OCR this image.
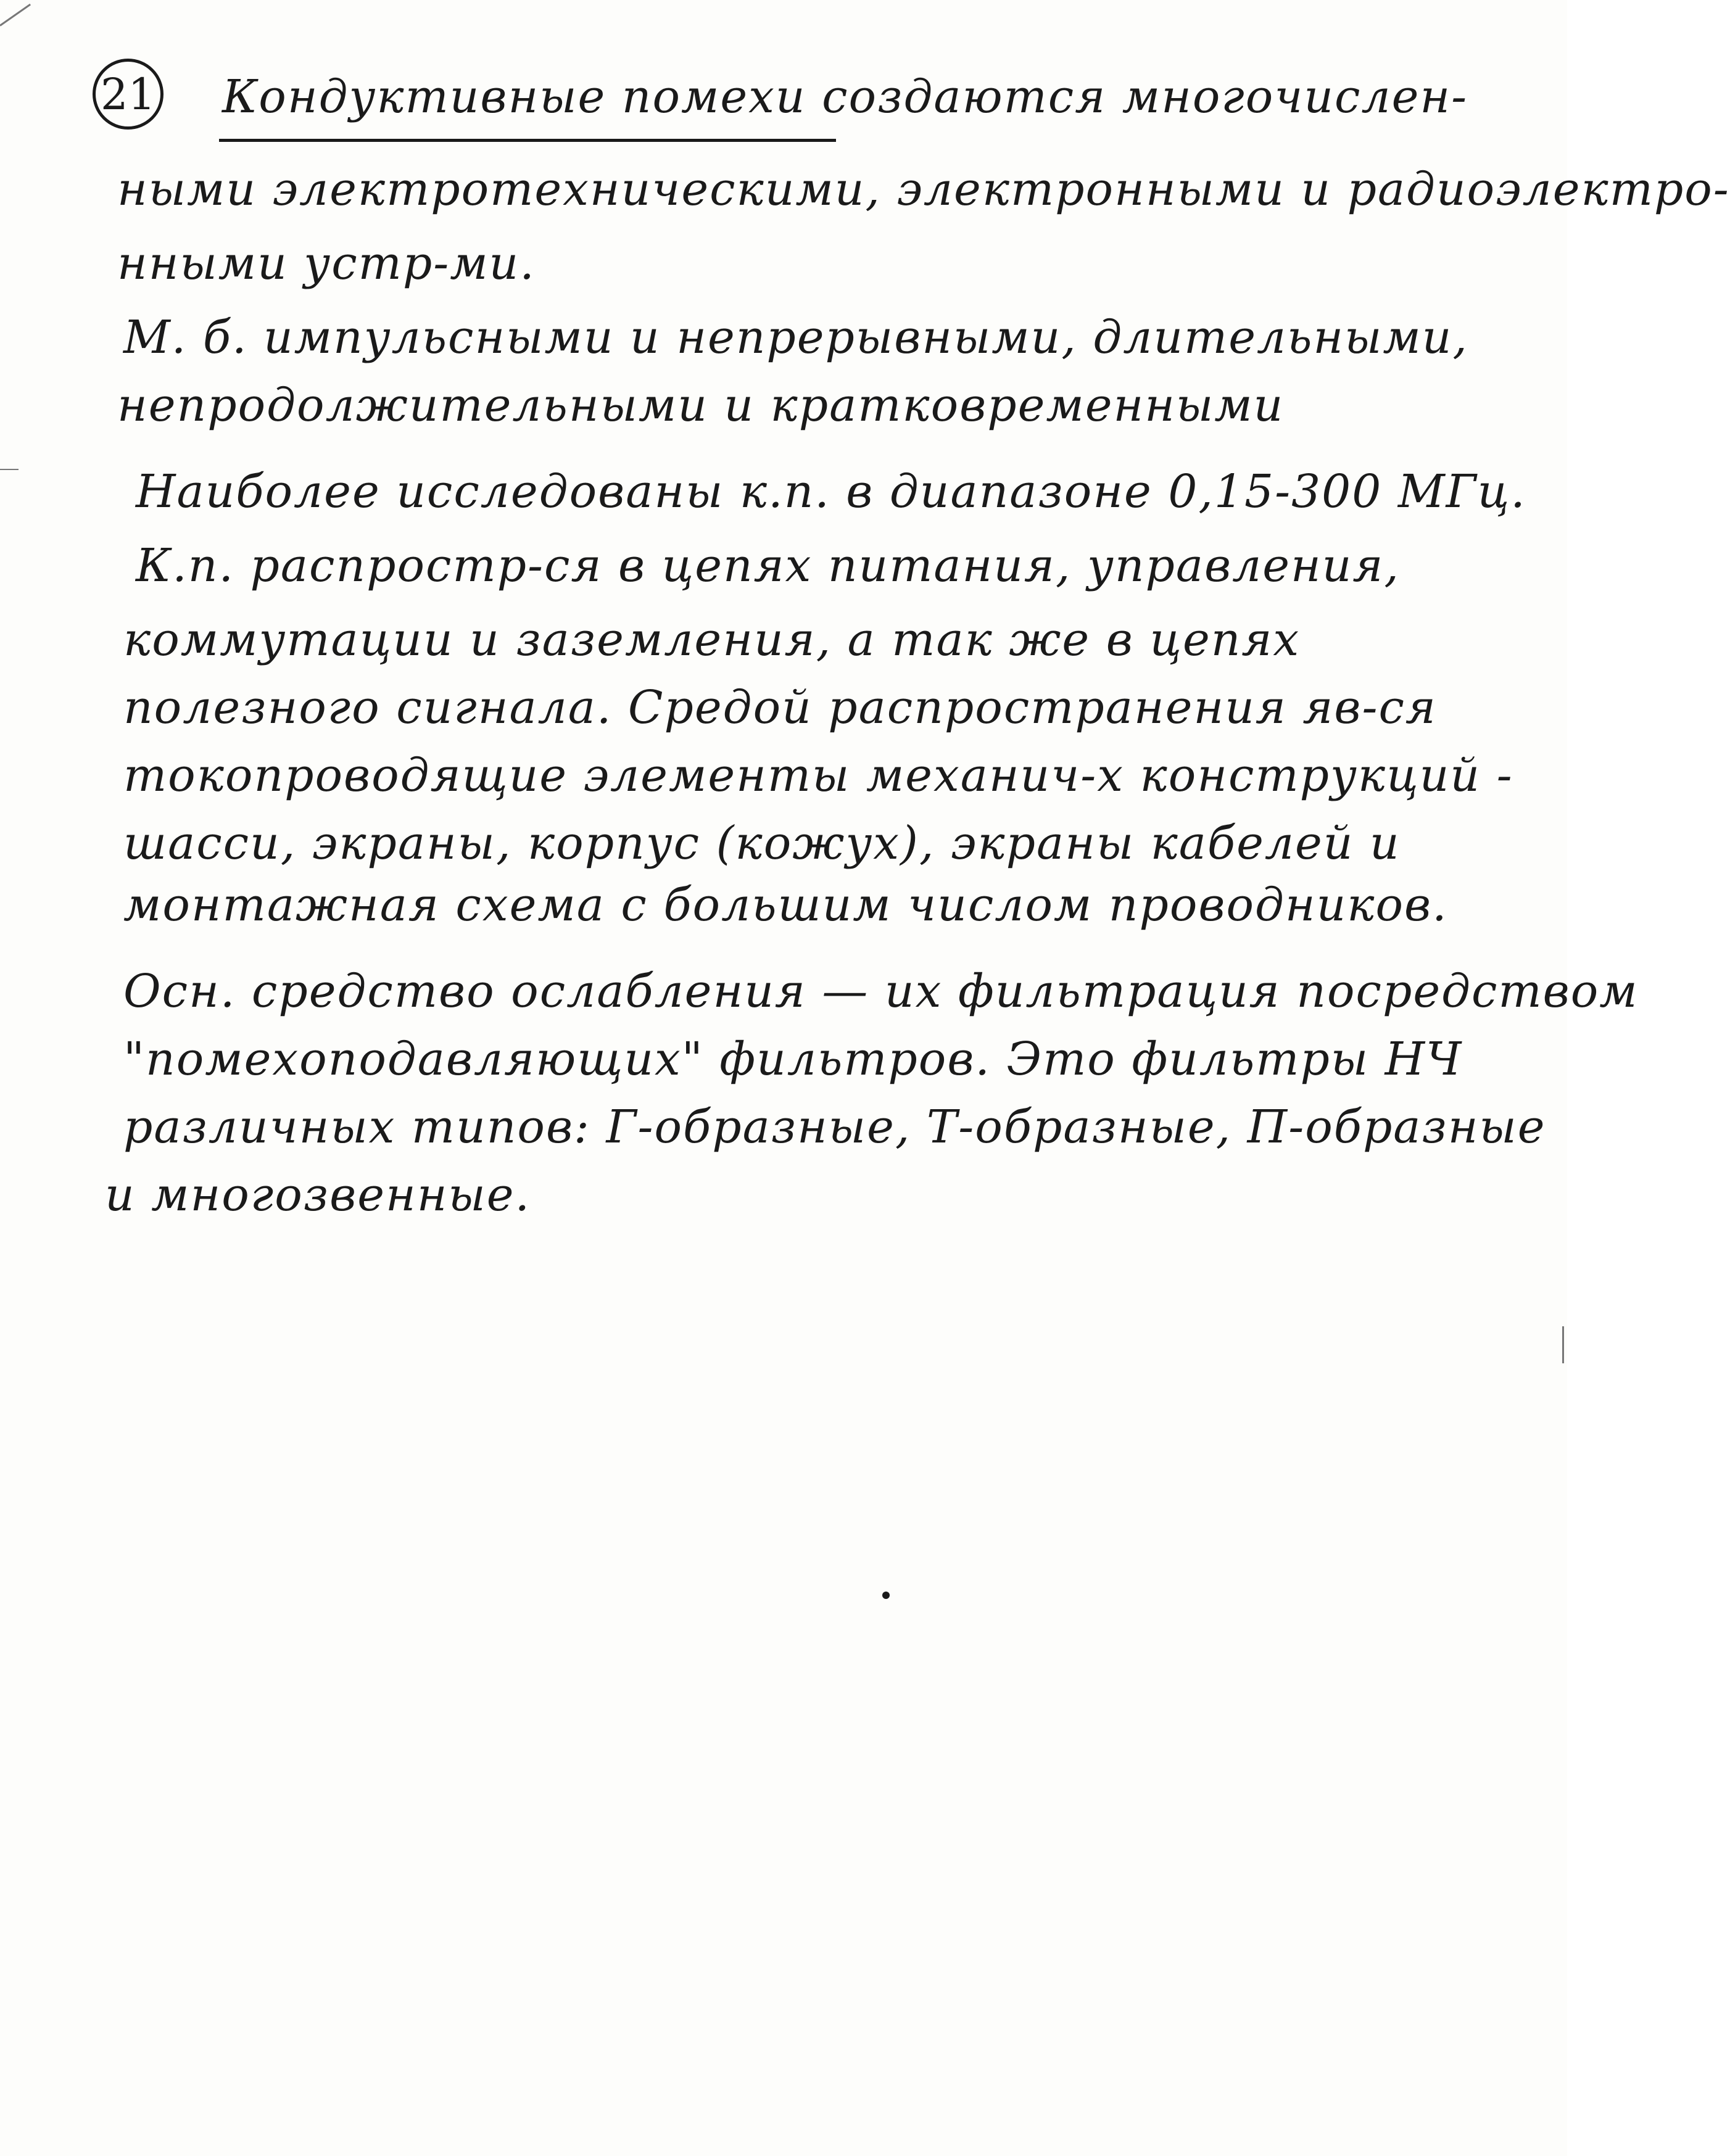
21 Кондуктивные помехи создаются многочислен-
ными электротехническими, электронными и радиоэлектро-
нными устр-ми.
М. б. импульсными и непрерывными, длительными,
непродолжительными и кратковременными
Наиболее исследованы к.п. в диапазоне 0,15-300 МГц.
К.п. распростр-ся в цепях питания, управления,
коммутации и заземления, а так же в цепях
полезного сигнала. Средой распространения яв-ся
токопроводящие элементы механич-х конструкций -
шасси, экраны, корпус (кожух), экраны кабелей и
монтажная схема с большим числом проводников.
Осн. средство ослабления — их фильтрация посредством
"помехоподавляющих" фильтров. Это фильтры НЧ
различных типов: Г-образные, Т-образные, П-образные
и многозвенные.
